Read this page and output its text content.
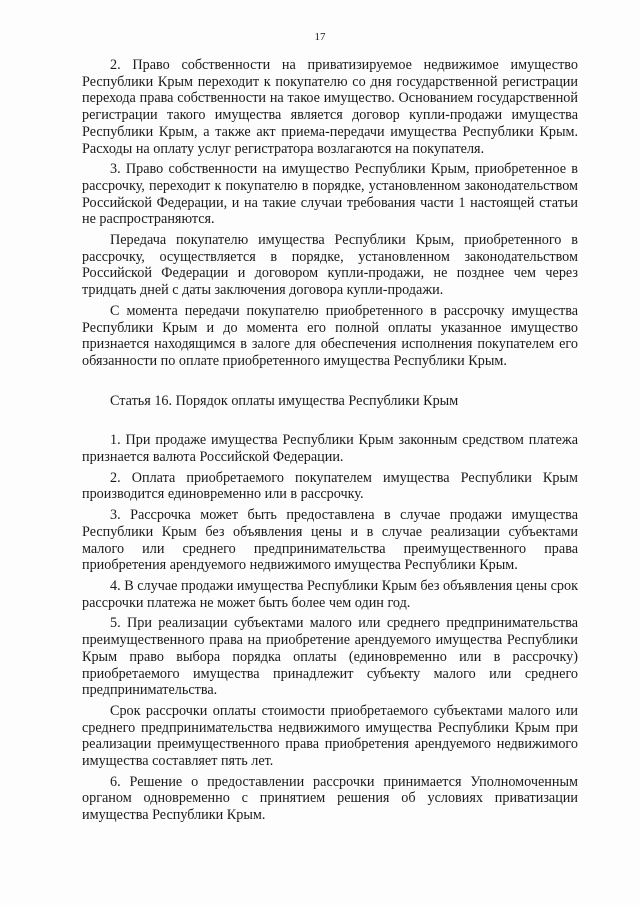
17

2. Право собственности на приватизируемое недвижимое имущество Республики Крым переходит к покупателю со дня государственной регистрации перехода права собственности на такое имущество. Основанием государственной регистрации такого имущества является договор купли-продажи имущества Республики Крым, а также акт приема-передачи имущества Республики Крым. Расходы на оплату услуг регистратора возлагаются на покупателя.

3. Право собственности на имущество Республики Крым, приобретенное в рассрочку, переходит к покупателю в порядке, установленном законодательством Российской Федерации, и на такие случаи требования части 1 настоящей статьи не распространяются.

Передача покупателю имущества Республики Крым, приобретенного в рассрочку, осуществляется в порядке, установленном законодательством Российской Федерации и договором купли-продажи, не позднее чем через тридцать дней с даты заключения договора купли-продажи.

С момента передачи покупателю приобретенного в рассрочку имущества Республики Крым и до момента его полной оплаты указанное имущество признается находящимся в залоге для обеспечения исполнения покупателем его обязанности по оплате приобретенного имущества Республики Крым.

Статья 16. Порядок оплаты имущества Республики Крым

1. При продаже имущества Республики Крым законным средством платежа признается валюта Российской Федерации.

2. Оплата приобретаемого покупателем имущества Республики Крым производится единовременно или в рассрочку.

3. Рассрочка может быть предоставлена в случае продажи имущества Республики Крым без объявления цены и в случае реализации субъектами малого или среднего предпринимательства преимущественного права приобретения арендуемого недвижимого имущества Республики Крым.

4. В случае продажи имущества Республики Крым без объявления цены срок рассрочки платежа не может быть более чем один год.

5. При реализации субъектами малого или среднего предпринимательства преимущественного права на приобретение арендуемого имущества Республики Крым право выбора порядка оплаты (единовременно или в рассрочку) приобретаемого имущества принадлежит субъекту малого или среднего предпринимательства.

Срок рассрочки оплаты стоимости приобретаемого субъектами малого или среднего предпринимательства недвижимого имущества Республики Крым при реализации преимущественного права приобретения арендуемого недвижимого имущества составляет пять лет.

6. Решение о предоставлении рассрочки принимается Уполномоченным органом одновременно с принятием решения об условиях приватизации имущества Республики Крым.
